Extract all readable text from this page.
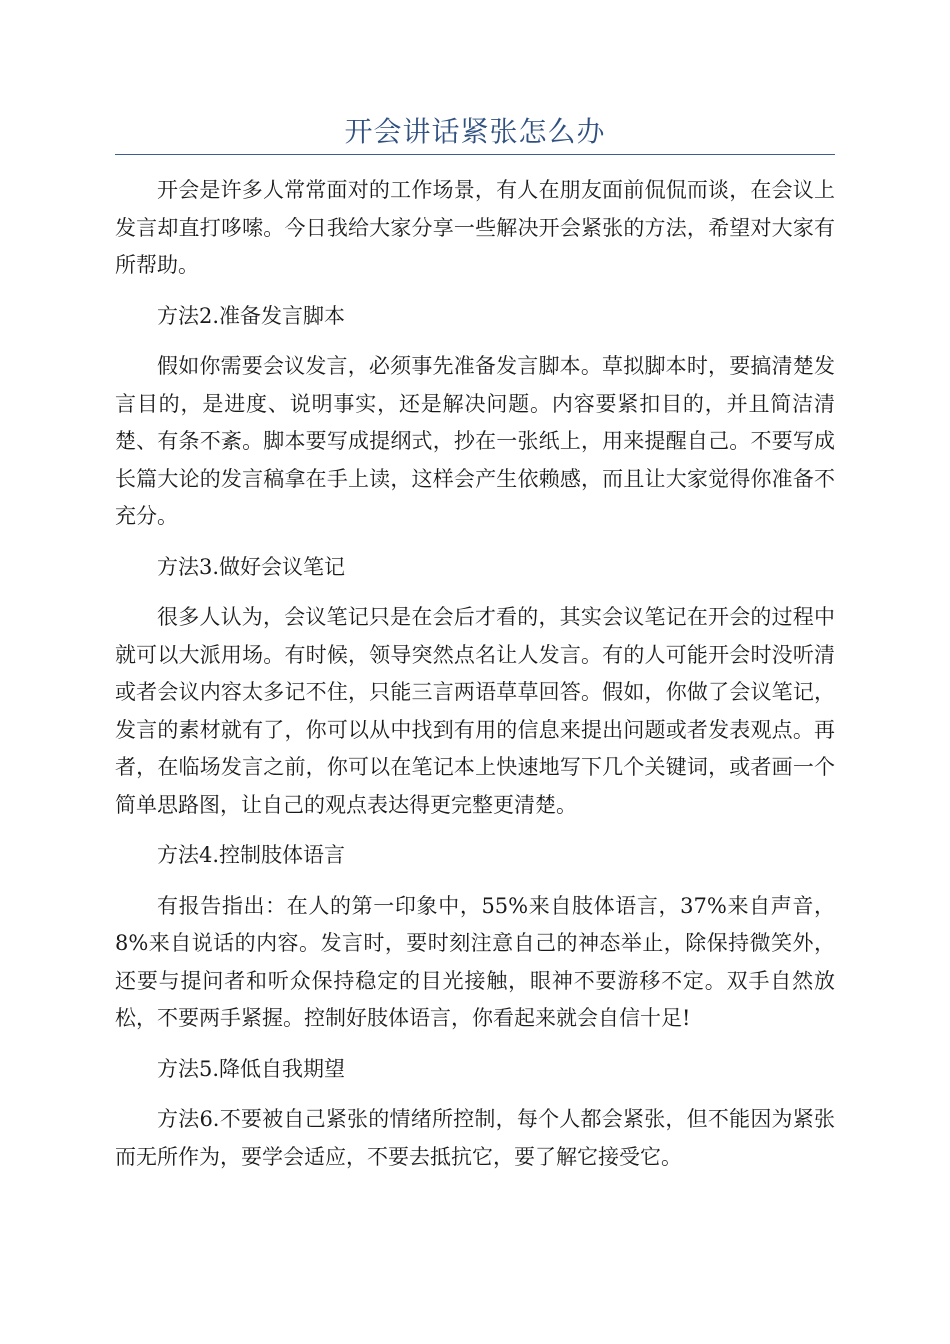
开会讲话紧张怎么办

开会是许多人常常面对的工作场景，有人在朋友面前侃侃而谈，在会议上发言却直打哆嗦。今日我给大家分享一些解决开会紧张的方法，希望对大家有所帮助。

方法2.准备发言脚本

假如你需要会议发言，必须事先准备发言脚本。草拟脚本时，要搞清楚发言目的，是进度、说明事实，还是解决问题。内容要紧扣目的，并且简洁清楚、有条不紊。脚本要写成提纲式，抄在一张纸上，用来提醒自己。不要写成长篇大论的发言稿拿在手上读，这样会产生依赖感，而且让大家觉得你准备不充分。

方法3.做好会议笔记

很多人认为，会议笔记只是在会后才看的，其实会议笔记在开会的过程中就可以大派用场。有时候，领导突然点名让人发言。有的人可能开会时没听清或者会议内容太多记不住，只能三言两语草草回答。假如，你做了会议笔记，发言的素材就有了，你可以从中找到有用的信息来提出问题或者发表观点。再者，在临场发言之前，你可以在笔记本上快速地写下几个关键词，或者画一个简单思路图，让自己的观点表达得更完整更清楚。

方法4.控制肢体语言

有报告指出：在人的第一印象中，55%来自肢体语言，37%来自声音，8%来自说话的内容。发言时，要时刻注意自己的神态举止，除保持微笑外，还要与提问者和听众保持稳定的目光接触，眼神不要游移不定。双手自然放松，不要两手紧握。控制好肢体语言，你看起来就会自信十足!

方法5.降低自我期望

方法6.不要被自己紧张的情绪所控制，每个人都会紧张，但不能因为紧张而无所作为，要学会适应，不要去抵抗它，要了解它接受它。
